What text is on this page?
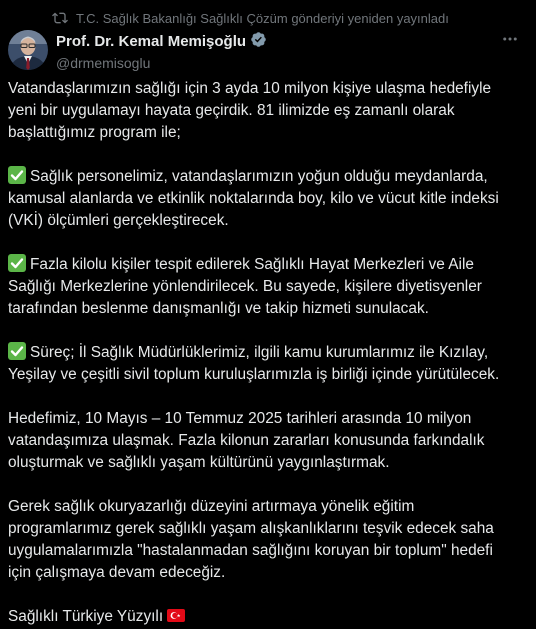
T.C. Sağlık Bakanlığı Sağlıklı Çözüm gönderiyi yeniden yayınladı
Prof. Dr. Kemal Memişoğlu
@drmemisoglu

Vatandaşlarımızın sağlığı için 3 ayda 10 milyon kişiye ulaşma hedefiyle
yeni bir uygulamayı hayata geçirdik. 81 ilimizde eş zamanlı olarak
başlattığımız program ile;

Sağlık personelimiz, vatandaşlarımızın yoğun olduğu meydanlarda,
kamusal alanlarda ve etkinlik noktalarında boy, kilo ve vücut kitle indeksi
(VKİ) ölçümleri gerçekleştirecek.

Fazla kilolu kişiler tespit edilerek Sağlıklı Hayat Merkezleri ve Aile
Sağlığı Merkezlerine yönlendirilecek. Bu sayede, kişilere diyetisyenler
tarafından beslenme danışmanlığı ve takip hizmeti sunulacak.

Süreç; İl Sağlık Müdürlüklerimiz, ilgili kamu kurumlarımız ile Kızılay,
Yeşilay ve çeşitli sivil toplum kuruluşlarımızla iş birliği içinde yürütülecek.

Hedefimiz, 10 Mayıs – 10 Temmuz 2025 tarihleri arasında 10 milyon
vatandaşımıza ulaşmak. Fazla kilonun zararları konusunda farkındalık
oluşturmak ve sağlıklı yaşam kültürünü yaygınlaştırmak.

Gerek sağlık okuryazarlığı düzeyini artırmaya yönelik eğitim
programlarımız gerek sağlıklı yaşam alışkanlıklarını teşvik edecek saha
uygulamalarımızla "hastalanmadan sağlığını koruyan bir toplum" hedefi
için çalışmaya devam edeceğiz.

Sağlıklı Türkiye Yüzyılı
